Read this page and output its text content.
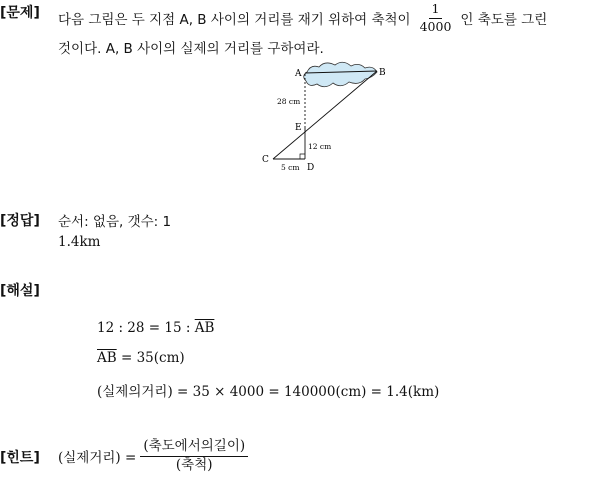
[문제] 다음 그림은 두 지점 A, B 사이의 거리를 재기 위하여 축척이 $\frac{1}{4000}$ 인 축도를 그린
것이다. A, B 사이의 실제의 거리를 구하여라.
A	B
E
C
D
28 cm
12 cm
5 cm
[정답] 순서: 없음, 갯수: 1
1.4km
[해설]
12 : 28 = 15 : $\overline{AB}$
$\overline{AB} = 35(cm)$
(실제의거리) = 35 × 4000 = 140000(cm) = 1.4(km)
[힌트] (실제거리) = $\frac{\text{(축도에서의길이)}}{\text{(축척)}}$
